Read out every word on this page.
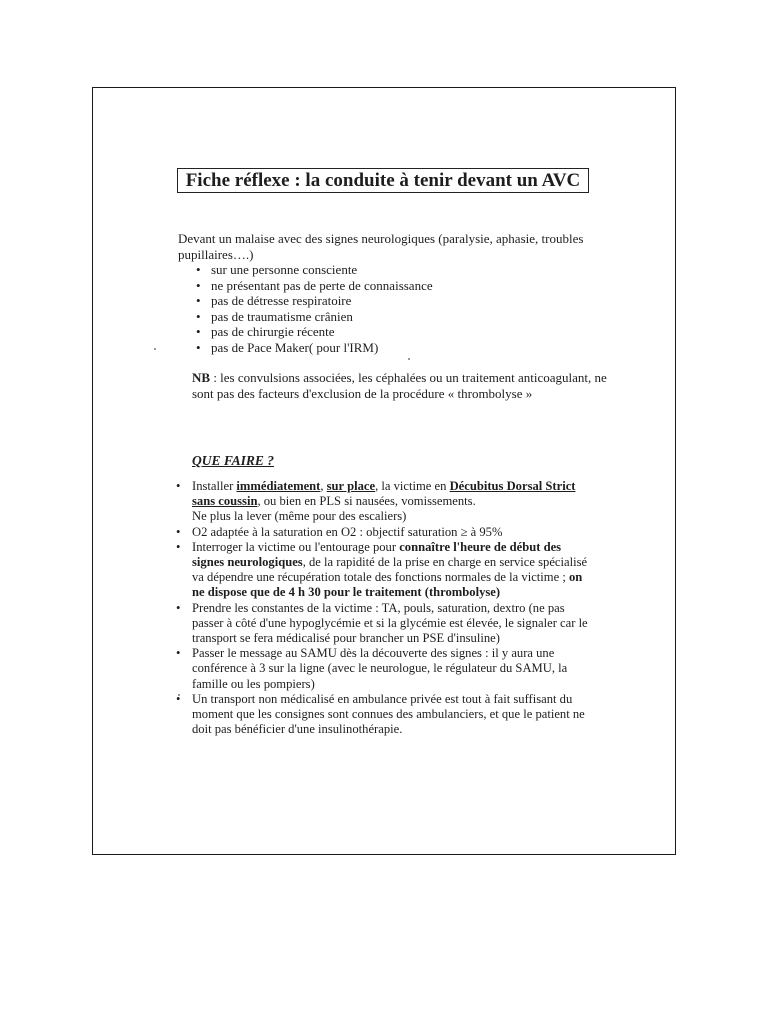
Fiche réflexe : la conduite à tenir devant un AVC
Devant un malaise avec des signes neurologiques (paralysie, aphasie, troubles pupillaires….)
• sur une personne consciente
• ne présentant pas de perte de connaissance
• pas de détresse respiratoire
• pas de traumatisme crânien
• pas de chirurgie récente
• pas de Pace Maker( pour l'IRM)
NB : les convulsions associées, les céphalées ou un traitement anticoagulant, ne sont pas des facteurs d'exclusion de la procédure « thrombolyse »
QUE FAIRE ?
• Installer immédiatement, sur place, la victime en Décubitus Dorsal Strict sans coussin, ou bien en PLS si nausées, vomissements.
Ne plus la lever (même pour des escaliers)
• O2 adaptée à la saturation en O2 : objectif saturation ≥ à 95%
• Interroger la victime ou l'entourage pour connaître l'heure de début des signes neurologiques, de la rapidité de la prise en charge en service spécialisé va dépendre une récupération totale des fonctions normales de la victime ; on ne dispose que de 4 h 30 pour le traitement (thrombolyse)
• Prendre les constantes de la victime : TA, pouls, saturation, dextro (ne pas passer à côté d'une hypoglycémie et si la glycémie est élevée, le signaler car le transport se fera médicalisé pour brancher un PSE d'insuline)
• Passer le message au SAMU dès la découverte des signes : il y aura une conférence à 3 sur la ligne (avec le neurologue, le régulateur du SAMU, la famille ou les pompiers)
• Un transport non médicalisé en ambulance privée est tout à fait suffisant du moment que les consignes sont connues des ambulanciers, et que le patient ne doit pas bénéficier d'une insulinothérapie.
